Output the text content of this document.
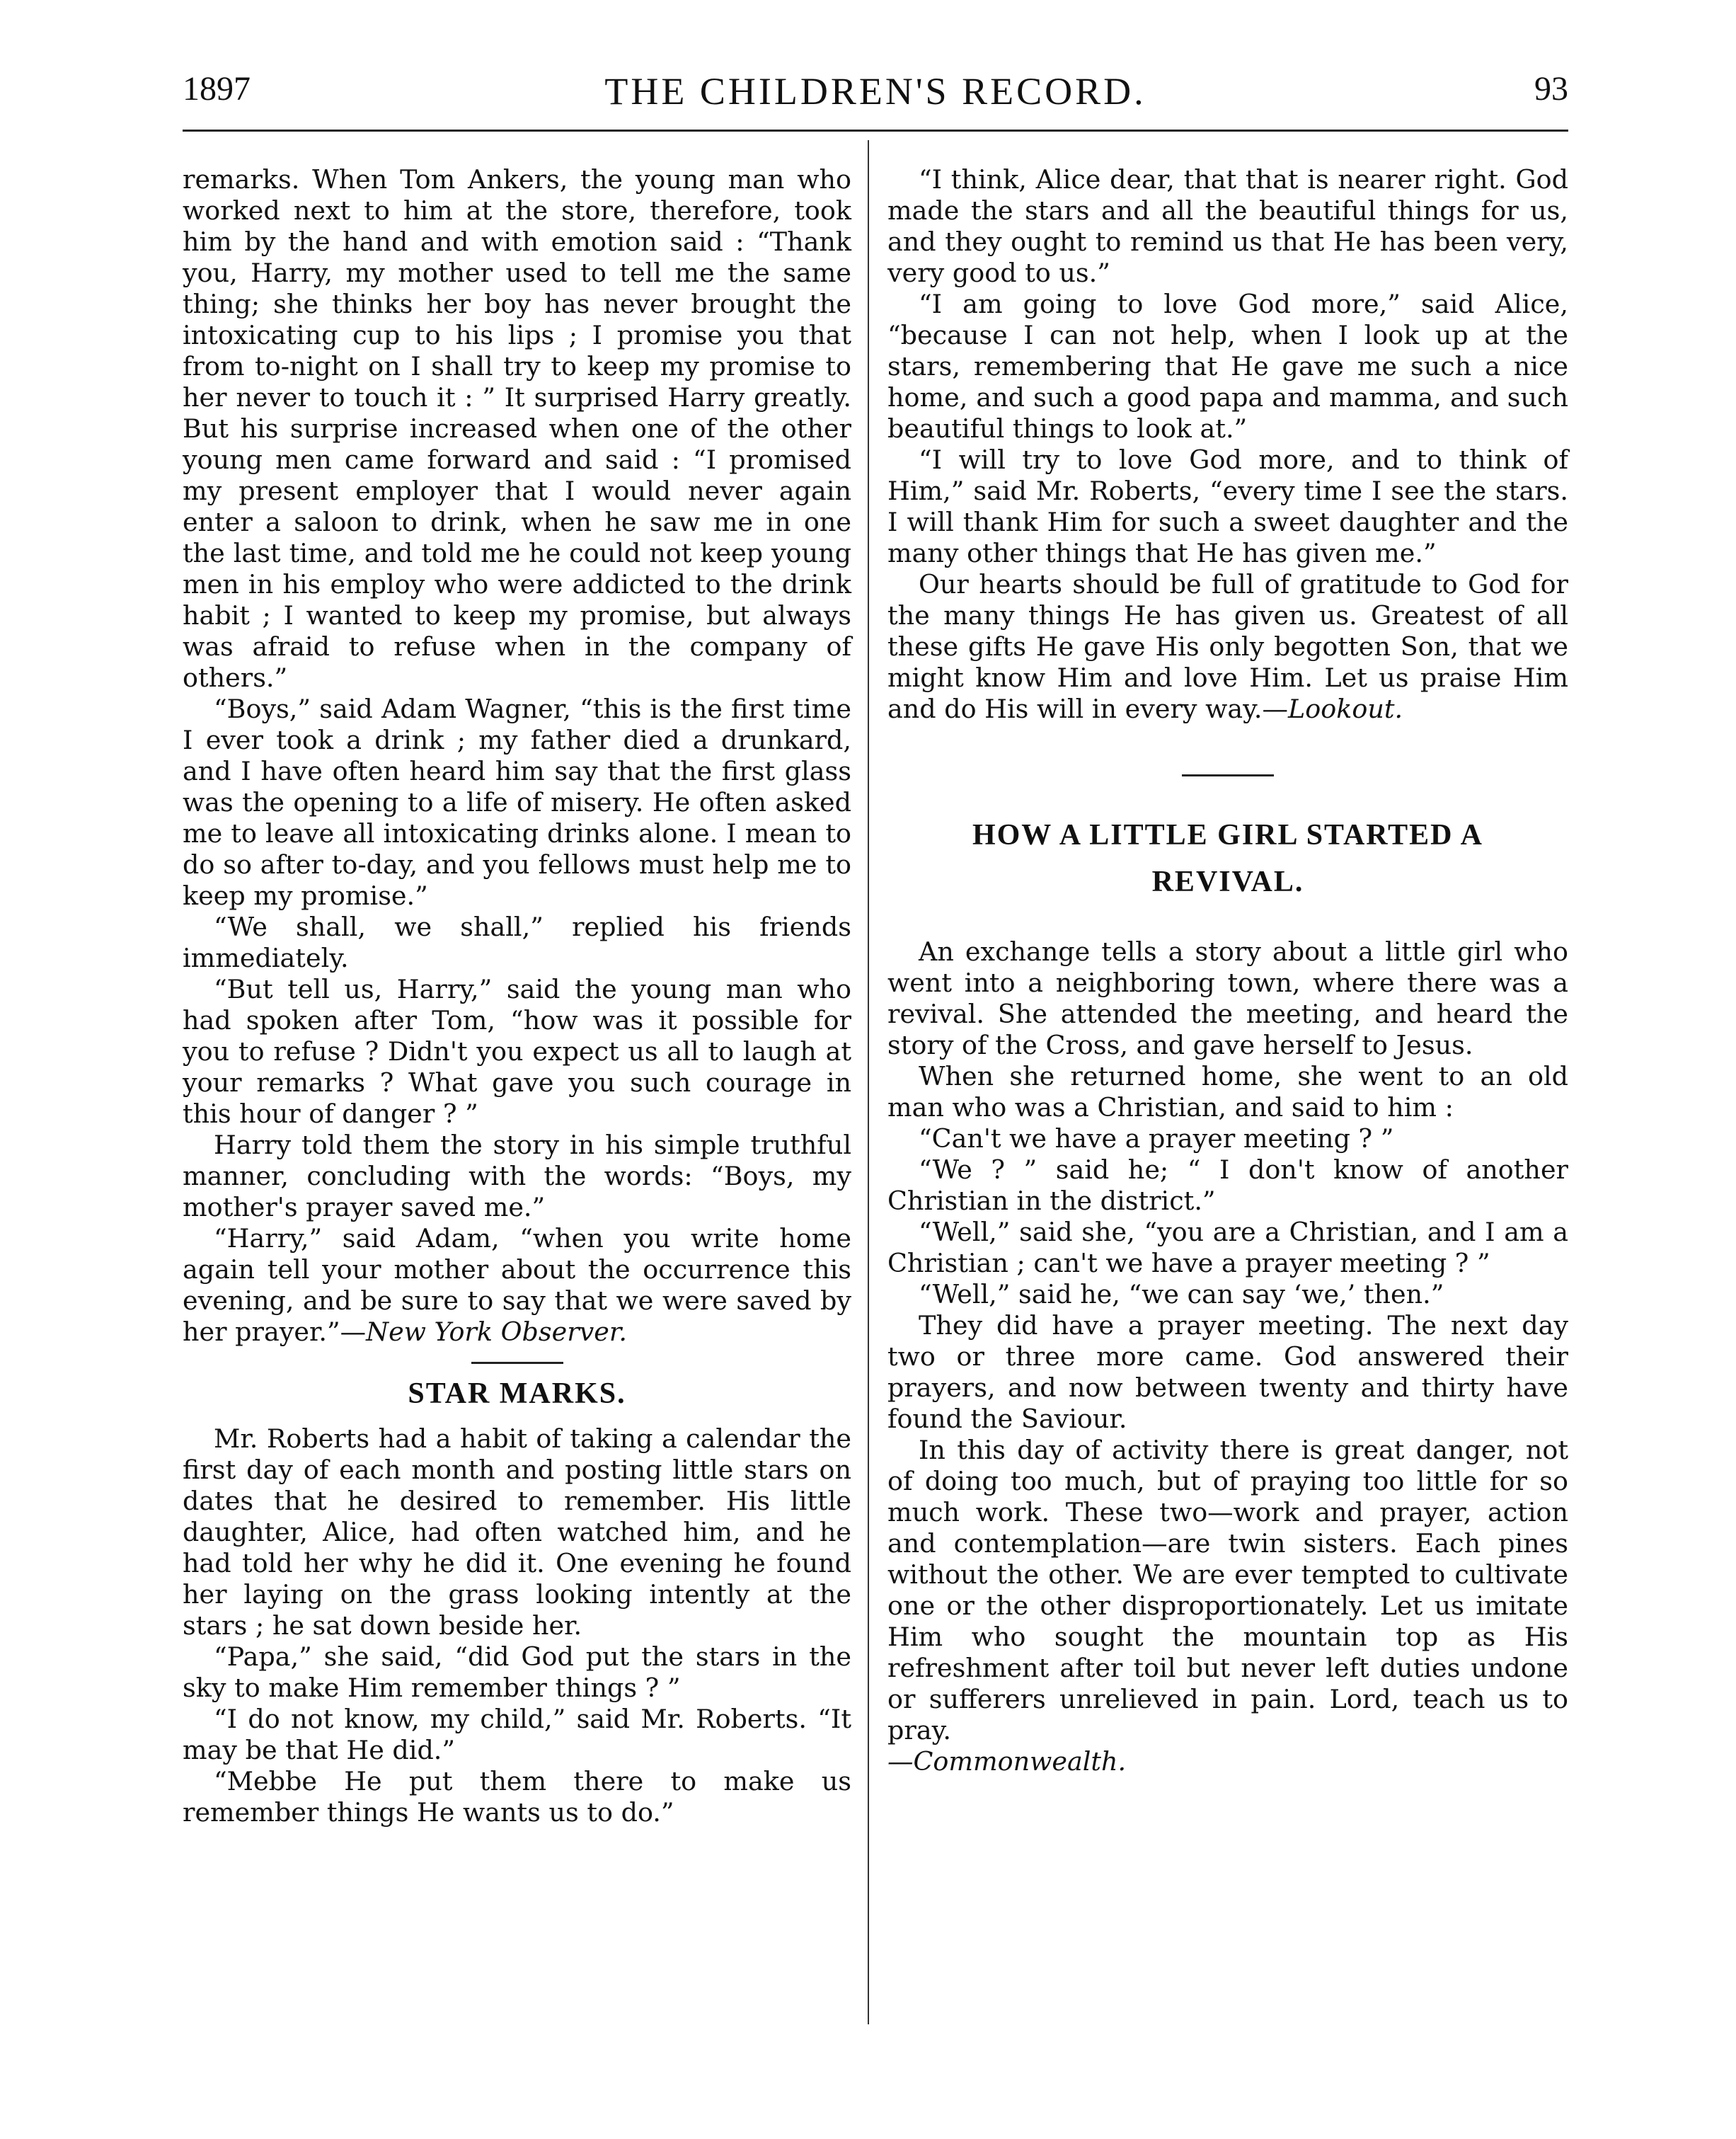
1897	THE CHILDREN'S RECORD.	93

remarks. When Tom Ankers, the young man who worked next to him at the store, therefore, took him by the hand and with emotion said : “Thank you, Harry, my mother used to tell me the same thing; she thinks her boy has never brought the intoxicating cup to his lips ; I promise you that from to-night on I shall try to keep my promise to her never to touch it : ” It surprised Harry greatly. But his surprise increased when one of the other young men came forward and said : “I promised my present employer that I would never again enter a saloon to drink, when he saw me in one the last time, and told me he could not keep young men in his employ who were addicted to the drink habit ; I wanted to keep my promise, but always was afraid to refuse when in the company of others.”

“Boys,” said Adam Wagner, “this is the first time I ever took a drink ; my father died a drunkard, and I have often heard him say that the first glass was the opening to a life of misery. He often asked me to leave all intoxicating drinks alone. I mean to do so after to-day, and you fellows must help me to keep my promise.”

“We shall, we shall,” replied his friends immediately.

“But tell us, Harry,” said the young man who had spoken after Tom, “how was it possible for you to refuse ? Didn't you expect us all to laugh at your remarks ? What gave you such courage in this hour of danger ? ”

Harry told them the story in his simple truthful manner, concluding with the words: “Boys, my mother's prayer saved me.”

“Harry,” said Adam, “when you write home again tell your mother about the occurrence this evening, and be sure to say that we were saved by her prayer.”—New York Observer.

STAR MARKS.

Mr. Roberts had a habit of taking a calendar the first day of each month and posting little stars on dates that he desired to remember. His little daughter, Alice, had often watched him, and he had told her why he did it. One evening he found her laying on the grass looking intently at the stars ; he sat down beside her.

“Papa,” she said, “did God put the stars in the sky to make Him remember things ? ”

“I do not know, my child,” said Mr. Roberts. “It may be that He did.”

“Mebbe He put them there to make us remember things He wants us to do.”

“I think, Alice dear, that that is nearer right. God made the stars and all the beautiful things for us, and they ought to remind us that He has been very, very good to us.”

“I am going to love God more,” said Alice, “because I can not help, when I look up at the stars, remembering that He gave me such a nice home, and such a good papa and mamma, and such beautiful things to look at.”

“I will try to love God more, and to think of Him,” said Mr. Roberts, “every time I see the stars. I will thank Him for such a sweet daughter and the many other things that He has given me.”

Our hearts should be full of gratitude to God for the many things He has given us. Greatest of all these gifts He gave His only begotten Son, that we might know Him and love Him. Let us praise Him and do His will in every way.—Lookout.

HOW A LITTLE GIRL STARTED A REVIVAL.

An exchange tells a story about a little girl who went into a neighboring town, where there was a revival. She attended the meeting, and heard the story of the Cross, and gave herself to Jesus.

When she returned home, she went to an old man who was a Christian, and said to him :

“Can't we have a prayer meeting ? ”

“We ? ” said he; “ I don't know of another Christian in the district.”

“Well,” said she, “you are a Christian, and I am a Christian ; can't we have a prayer meeting ? ”

“Well,” said he, “we can say ‘we,’ then.”

They did have a prayer meeting. The next day two or three more came. God answered their prayers, and now between twenty and thirty have found the Saviour.

In this day of activity there is great danger, not of doing too much, but of praying too little for so much work. These two—work and prayer, action and contemplation—are twin sisters. Each pines without the other. We are ever tempted to cultivate one or the other disproportionately. Let us imitate Him who sought the mountain top as His refreshment after toil but never left duties undone or sufferers unrelieved in pain. Lord, teach us to pray.

—Commonwealth.
